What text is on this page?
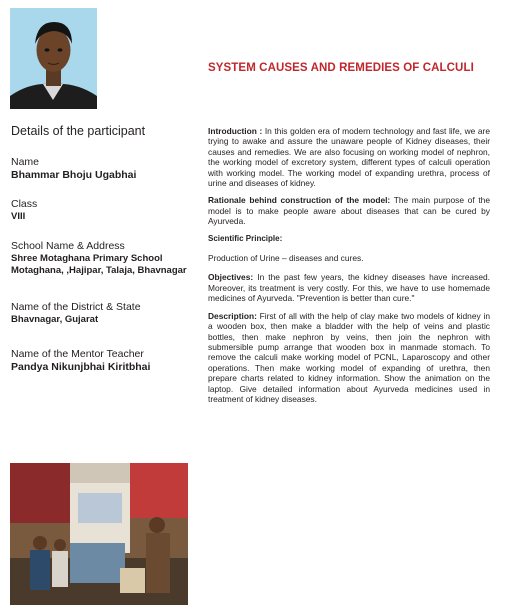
SYSTEM CAUSES AND REMEDIES OF CALCULI
Details of the participant
Name
Bhammar Bhoju Ugabhai
Class
VIII
School Name & Address
Shree Motaghana Primary School
Motaghana, ,Hajipar, Talaja, Bhavnagar
Name of the District & State
Bhavnagar, Gujarat
Name of the Mentor Teacher
Pandya Nikunjbhai Kiritbhai

Introduction : In this golden era of modern technology and fast life, we are trying to awake and assure the unaware people of Kidney diseases, their causes and remedies. We are also focusing on working model of nephron, the working model of excretory system, different types of calculi operation with working model. The working model of expanding urethra, process of urine and diseases of kidney.

Rationale behind construction of the model: The main purpose of the model is to make people aware about diseases that can be cured by Ayurveda.

Scientific Principle:

Production of Urine – diseases and cures.

Objectives: In the past few years, the kidney diseases have increased. Moreover, its treatment is very costly. For this, we have to use homemade medicines of Ayurveda. "Prevention is better than cure."

Description: First of all with the help of clay make two models of kidney in a wooden box, then make a bladder with the help of veins and plastic bottles, then make nephron by veins, then join the nephron with submersible pump arrange that wooden box in manmade stomach. To remove the calculi make working model of PCNL, Laparoscopy and other operations. Then make working model of expanding of urethra, then prepare charts related to kidney information. Show the animation on the laptop. Give detailed information about Ayurveda medicines used in treatment of kidney diseases.
